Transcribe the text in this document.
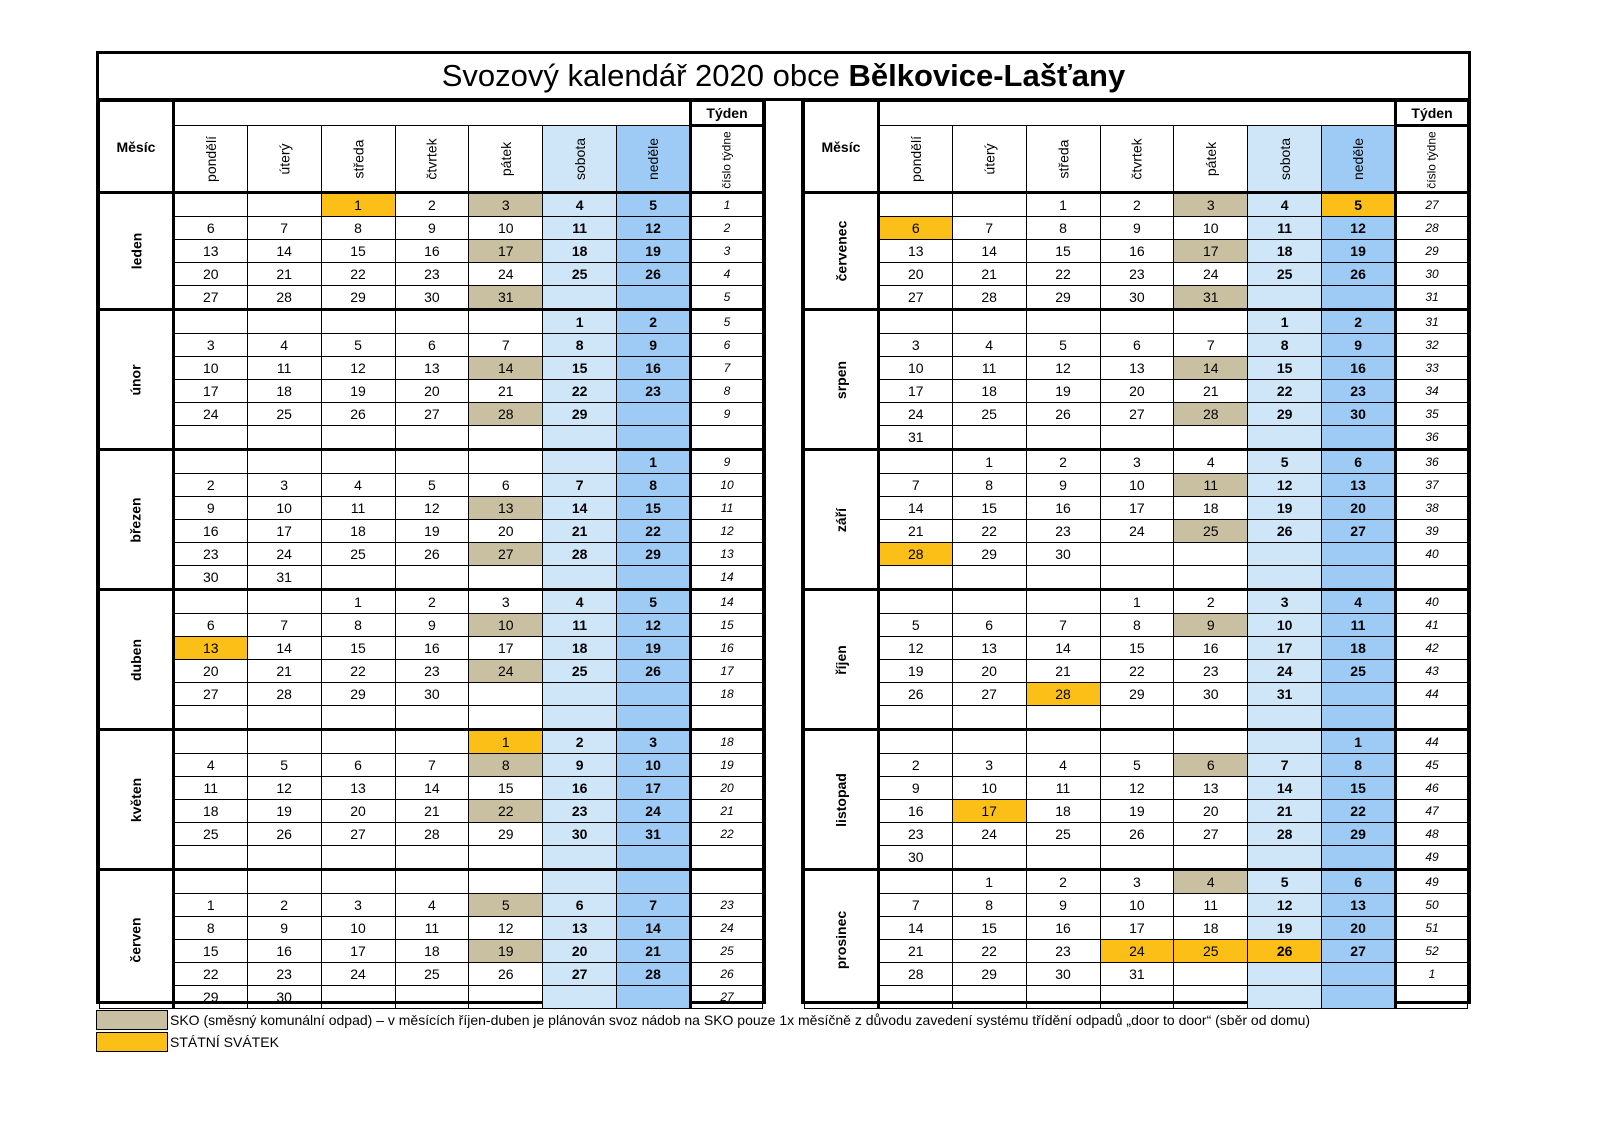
Svozový kalendář 2020 obce Bělkovice-Lašťany
Měsíc								Týden
	pondělí	úterý	středa	čtvrtek	pátek	sobota	neděle	číslo týdne
leden			1	2	3	4	5	1
	6	7	8	9	10	11	12	2
	13	14	15	16	17	18	19	3
	20	21	22	23	24	25	26	4
	27	28	29	30	31			5
únor						1	2	5
	3	4	5	6	7	8	9	6
	10	11	12	13	14	15	16	7
	17	18	19	20	21	22	23	8
	24	25	26	27	28	29		9

březen							1	9
	2	3	4	5	6	7	8	10
	9	10	11	12	13	14	15	11
	16	17	18	19	20	21	22	12
	23	24	25	26	27	28	29	13
	30	31						14
duben			1	2	3	4	5	14
	6	7	8	9	10	11	12	15
	13	14	15	16	17	18	19	16
	20	21	22	23	24	25	26	17
	27	28	29	30				18

květen					1	2	3	18
	4	5	6	7	8	9	10	19
	11	12	13	14	15	16	17	20
	18	19	20	21	22	23	24	21
	25	26	27	28	29	30	31	22

červen								
	1	2	3	4	5	6	7	23
	8	9	10	11	12	13	14	24
	15	16	17	18	19	20	21	25
	22	23	24	25	26	27	28	26
	29	30						27
Měsíc								Týden
	pondělí	úterý	středa	čtvrtek	pátek	sobota	neděle	číslo týdne
červenec			1	2	3	4	5	27
	6	7	8	9	10	11	12	28
	13	14	15	16	17	18	19	29
	20	21	22	23	24	25	26	30
	27	28	29	30	31			31
srpen						1	2	31
	3	4	5	6	7	8	9	32
	10	11	12	13	14	15	16	33
	17	18	19	20	21	22	23	34
	24	25	26	27	28	29	30	35
	31							36
září		1	2	3	4	5	6	36
	7	8	9	10	11	12	13	37
	14	15	16	17	18	19	20	38
	21	22	23	24	25	26	27	39
	28	29	30					40

říjen				1	2	3	4	40
	5	6	7	8	9	10	11	41
	12	13	14	15	16	17	18	42
	19	20	21	22	23	24	25	43
	26	27	28	29	30	31		44

listopad							1	44
	2	3	4	5	6	7	8	45
	9	10	11	12	13	14	15	46
	16	17	18	19	20	21	22	47
	23	24	25	26	27	28	29	48
	30							49
prosinec		1	2	3	4	5	6	49
	7	8	9	10	11	12	13	50
	14	15	16	17	18	19	20	51
	21	22	23	24	25	26	27	52
	28	29	30	31				1

SKO (směsný komunální odpad) – v měsících říjen-duben je plánován svoz nádob na SKO pouze 1x měsíčně z důvodu zavedení systému třídění odpadů „door to door“ (sběr od domu)
STÁTNÍ SVÁTEK
